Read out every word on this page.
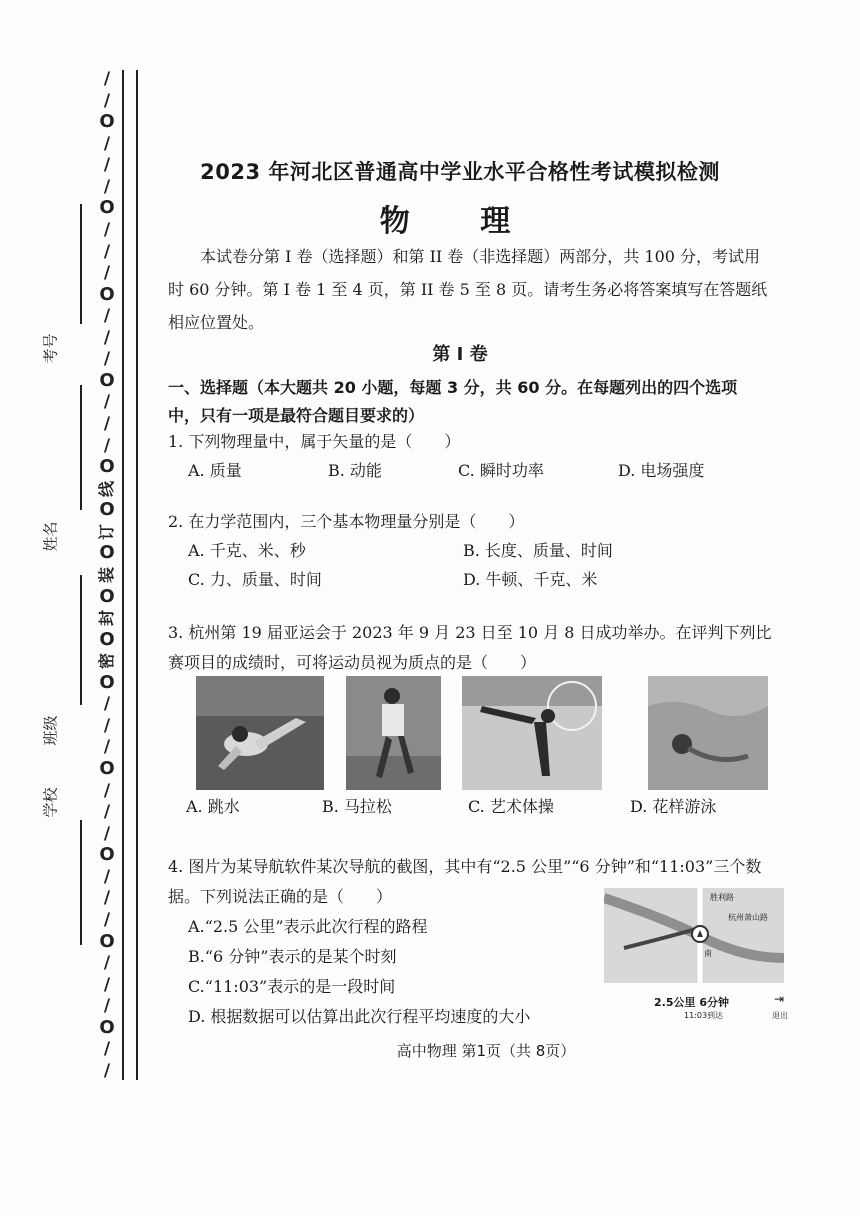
/
/
O
/
/
/
O
/
/
/
O
/
/
/
O
/
/
/
O
线
O
订
O
装
O
封
O
密
O
/
/
/
O
/
/
/
O
/
/
/
O
/
/
/
O
/
/
考号
姓名
班级
学校
2023 年河北区普通高中学业水平合格性考试模拟检测
物 理
本试卷分第 I 卷（选择题）和第 II 卷（非选择题）两部分，共 100 分，考试用时 60 分钟。第 I 卷 1 至 4 页，第 II 卷 5 至 8 页。请考生务必将答案填写在答题纸相应位置处。
第 I 卷
一、选择题（本大题共 20 小题，每题 3 分，共 60 分。在每题列出的四个选项中，只有一项是最符合题目要求的）
1. 下列物理量中，属于矢量的是（　　）
A. 质量	B. 动能	C. 瞬时功率	D. 电场强度
2. 在力学范围内，三个基本物理量分别是（　　）
A. 千克、米、秒	B. 长度、质量、时间
C. 力、质量、时间	D. 牛顿、千克、米
3. 杭州第 19 届亚运会于 2023 年 9 月 23 日至 10 月 8 日成功举办。在评判下列比赛项目的成绩时，可将运动员视为质点的是（　　）
A. 跳水	B. 马拉松	C. 艺术体操	D. 花样游泳
4. 图片为某导航软件某次导航的截图，其中有“2.5 公里”“6 分钟”和“11:03”三个数据。下列说法正确的是（　　）
A.“2.5 公里”表示此次行程的路程
B.“6 分钟”表示的是某个时刻
C.“11:03”表示的是一段时间
D. 根据数据可以估算出此次行程平均速度的大小
胜利路
杭州萧山路
南
2.5公里 6分钟
11:03到达
⇥
退出
高中物理 第1页（共 8页）
